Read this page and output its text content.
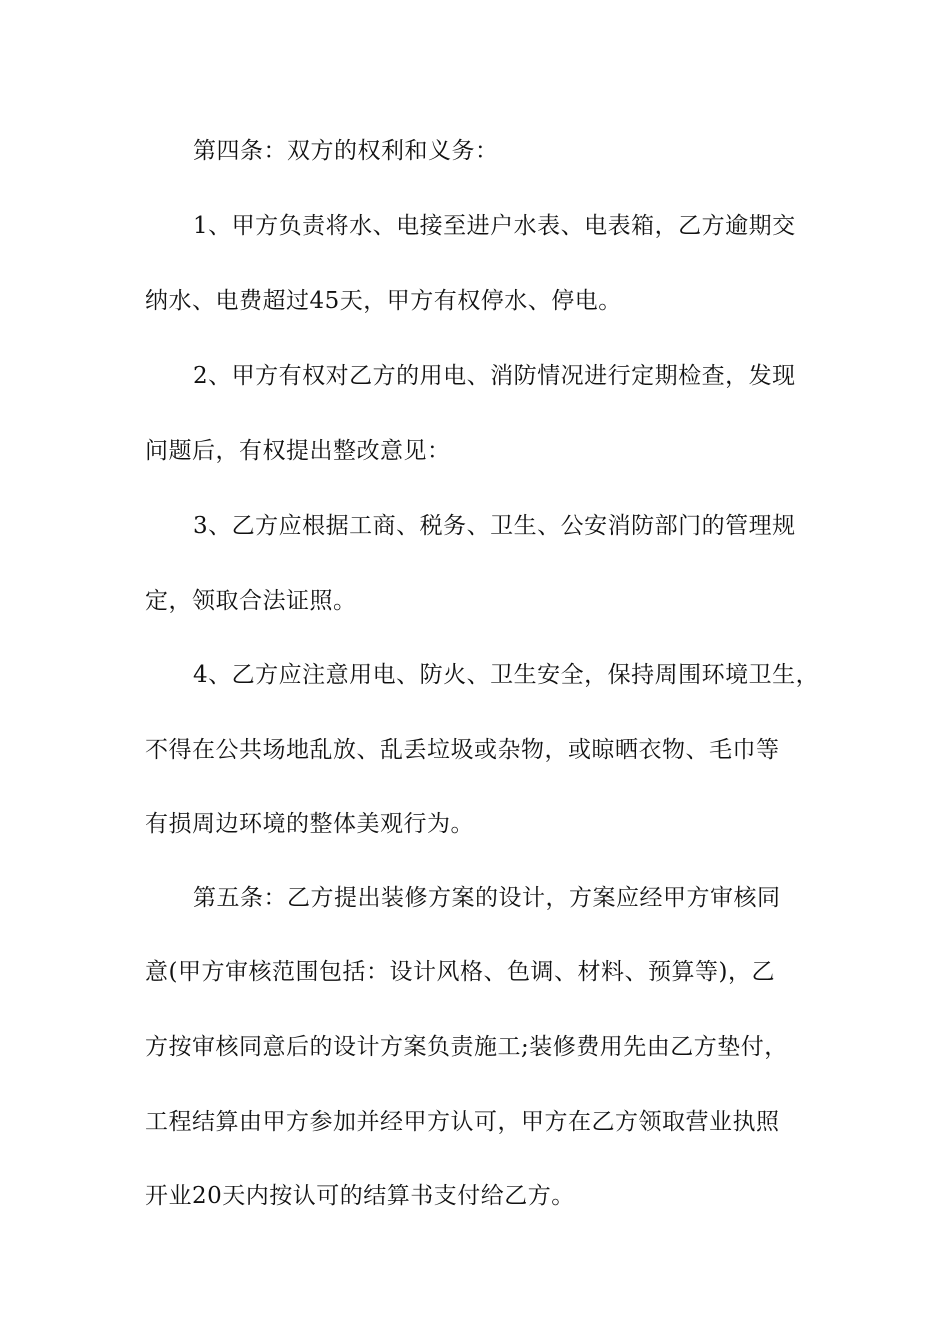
第四条：双方的权利和义务：

1、甲方负责将水、电接至进户水表、电表箱，乙方逾期交

纳水、电费超过45天，甲方有权停水、停电。

2、甲方有权对乙方的用电、消防情况进行定期检查，发现

问题后，有权提出整改意见：

3、乙方应根据工商、税务、卫生、公安消防部门的管理规

定，领取合法证照。

4、乙方应注意用电、防火、卫生安全，保持周围环境卫生，

不得在公共场地乱放、乱丢垃圾或杂物，或晾晒衣物、毛巾等

有损周边环境的整体美观行为。

第五条：乙方提出装修方案的设计，方案应经甲方审核同

意(甲方审核范围包括：设计风格、色调、材料、预算等)，乙

方按审核同意后的设计方案负责施工;装修费用先由乙方垫付，

工程结算由甲方参加并经甲方认可，甲方在乙方领取营业执照

开业20天内按认可的结算书支付给乙方。
